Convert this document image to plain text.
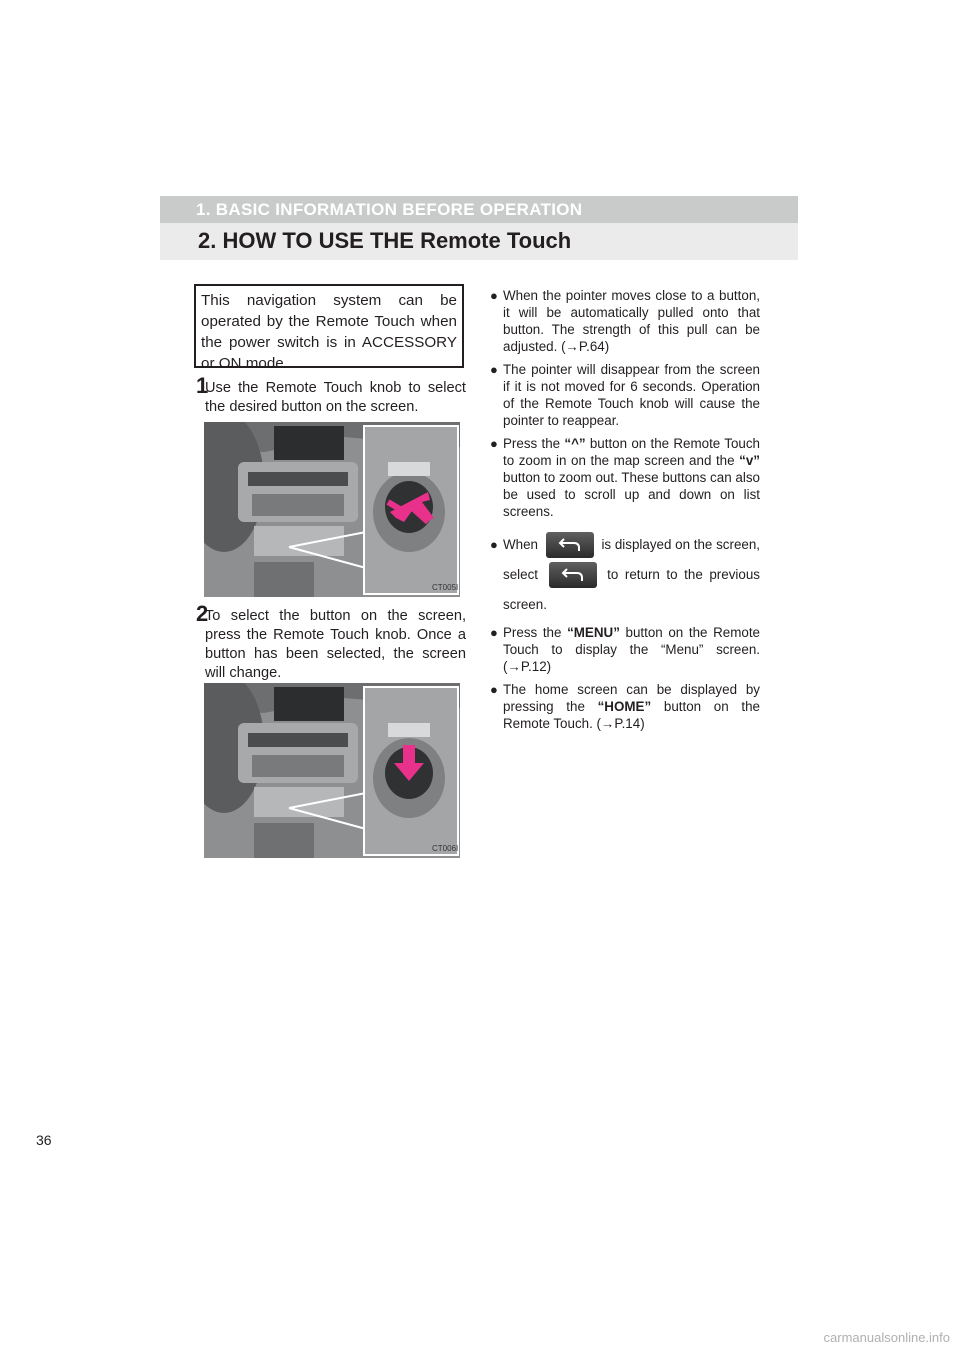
1. BASIC INFORMATION BEFORE OPERATION
2. HOW TO USE THE Remote Touch
This navigation system can be operated by the Remote Touch when the power switch is in ACCESSORY or ON mode.
1
Use the Remote Touch knob to select the desired button on the screen.
CT005I
2
To select the button on the screen, press the Remote Touch knob. Once a button has been selected, the screen will change.
CT006I
● When the pointer moves close to a button, it will be automatically pulled onto that button. The strength of this pull can be adjusted. (→P.64)
● The pointer will disappear from the screen if it is not moved for 6 seconds. Operation of the Remote Touch knob will cause the pointer to reappear.
● Press the “^” button on the Remote Touch to zoom in on the map screen and the “v” button to zoom out. These buttons can also be used to scroll up and down on list screens.
● When	is displayed on the screen,
select	to return to the previous screen.
● Press the “MENU” button on the Remote Touch to display the “Menu” screen. (→P.12)
● The home screen can be displayed by pressing the “HOME” button on the Remote Touch. (→P.14)
36
carmanualsonline.info
